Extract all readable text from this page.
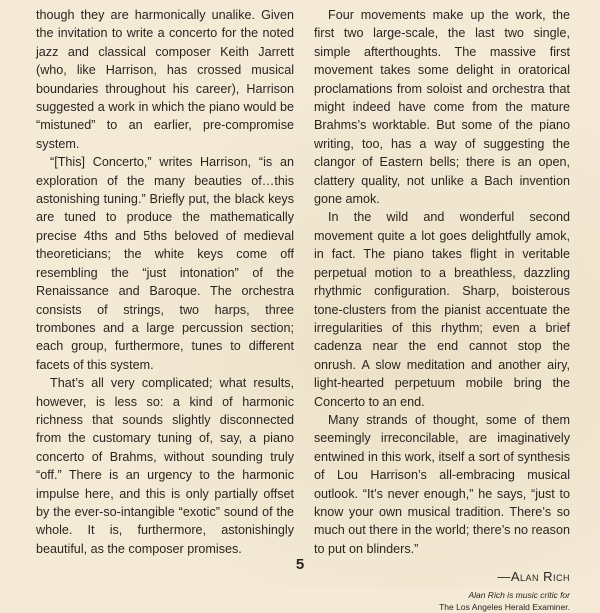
though they are harmonically unalike. Given the invitation to write a concerto for the noted jazz and classical composer Keith Jarrett (who, like Harrison, has crossed musical boundaries throughout his career), Harrison suggested a work in which the piano would be “mistuned” to an earlier, pre-compromise system.

“[This] Concerto,” writes Harrison, “is an exploration of the many beauties of…this astonishing tuning.” Briefly put, the black keys are tuned to produce the mathematically precise 4ths and 5ths beloved of medieval theoreticians; the white keys come off resembling the “just intonation” of the Renaissance and Baroque. The orchestra consists of strings, two harps, three trombones and a large percussion section; each group, furthermore, tunes to different facets of this system.

That’s all very complicated; what results, however, is less so: a kind of harmonic richness that sounds slightly disconnected from the customary tuning of, say, a piano concerto of Brahms, without sounding truly “off.” There is an urgency to the harmonic impulse here, and this is only partially offset by the ever-so-intangible “exotic” sound of the whole. It is, furthermore, astonishingly beautiful, as the composer promises.

Four movements make up the work, the first two large-scale, the last two single, simple afterthoughts. The massive first movement takes some delight in oratorical proclamations from soloist and orchestra that might indeed have come from the mature Brahms’s worktable. But some of the piano writing, too, has a way of suggesting the clangor of Eastern bells; there is an open, clattery quality, not unlike a Bach invention gone amok.

In the wild and wonderful second movement quite a lot goes delightfully amok, in fact. The piano takes flight in veritable perpetual motion to a breathless, dazzling rhythmic configuration. Sharp, boisterous tone-clusters from the pianist accentuate the irregularities of this rhythm; even a brief cadenza near the end cannot stop the onrush. A slow meditation and another airy, light-hearted perpetuum mobile bring the Concerto to an end.

Many strands of thought, some of them seemingly irreconcilable, are imaginatively entwined in this work, itself a sort of synthesis of Lou Harrison’s all-embracing musical outlook. “It’s never enough,” he says, “just to know your own musical tradition. There’s so much out there in the world; there’s no reason to put on blinders.”

—Alan Rich
Alan Rich is music critic for
The Los Angeles Herald Examiner.
5
